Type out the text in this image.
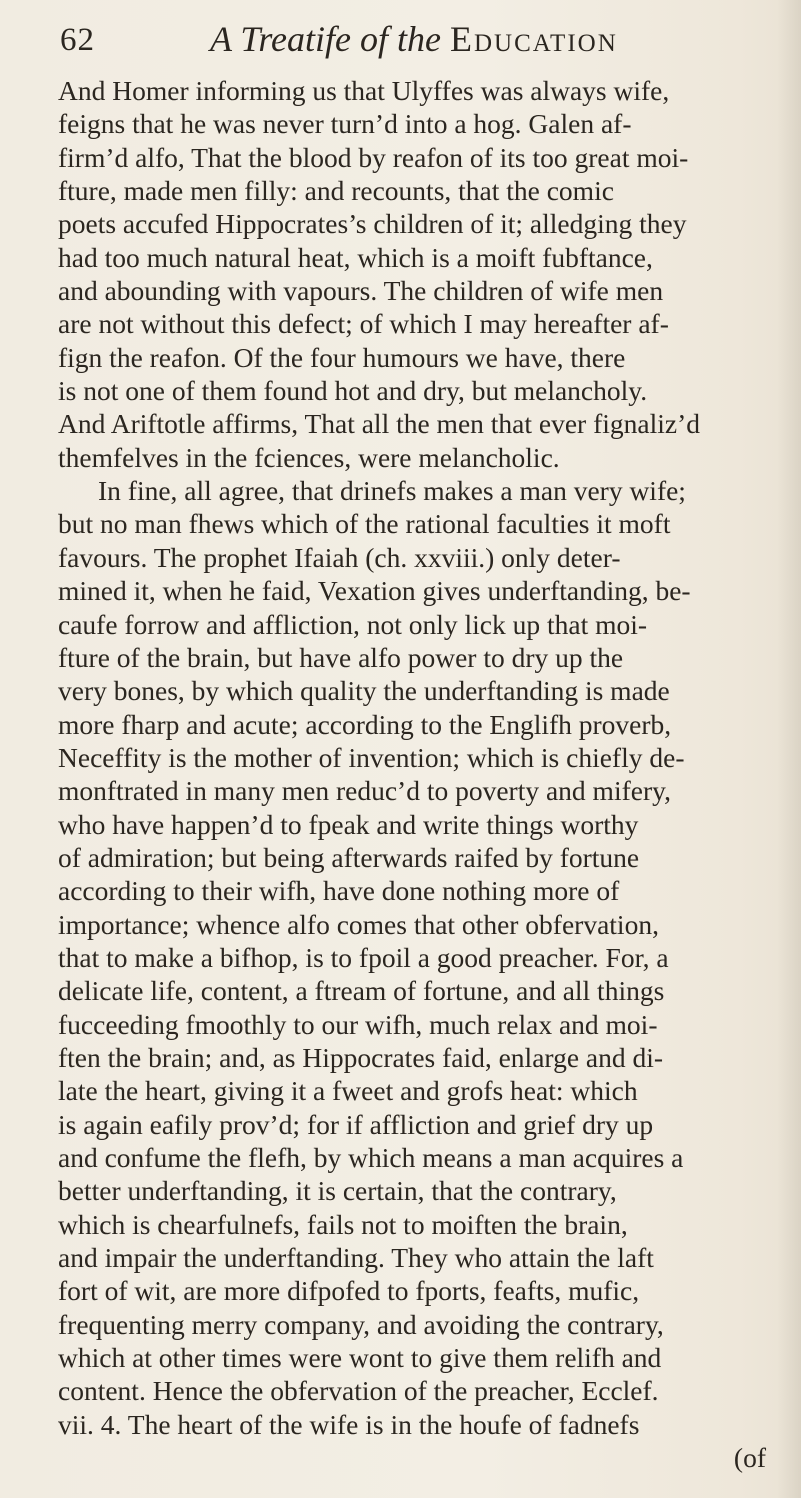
62	A Treatife of the Education
And Homer informing us that Ulyffes was always wife,
feigns that he was never turn’d into a hog. Galen af-
firm’d alfo, That the blood by reafon of its too great moi-
fture, made men filly: and recounts, that the comic
poets accufed Hippocrates’s children of it; alledging they
had too much natural heat, which is a moift fubftance,
and abounding with vapours. The children of wife men
are not without this defect; of which I may hereafter af-
fign the reafon. Of the four humours we have, there
is not one of them found hot and dry, but melancholy.
And Ariftotle affirms, That all the men that ever fignaliz’d
themfelves in the fciences, were melancholic.
In fine, all agree, that drinefs makes a man very wife;
but no man fhews which of the rational faculties it moft
favours. The prophet Ifaiah (ch. xxviii.) only deter-
mined it, when he faid, Vexation gives underftanding, be-
caufe forrow and affliction, not only lick up that moi-
fture of the brain, but have alfo power to dry up the
very bones, by which quality the underftanding is made
more fharp and acute; according to the Englifh proverb,
Neceffity is the mother of invention; which is chiefly de-
monftrated in many men reduc’d to poverty and mifery,
who have happen’d to fpeak and write things worthy
of admiration; but being afterwards raifed by fortune
according to their wifh, have done nothing more of
importance; whence alfo comes that other obfervation,
that to make a bifhop, is to fpoil a good preacher. For, a
delicate life, content, a ftream of fortune, and all things
fucceeding fmoothly to our wifh, much relax and moi-
ften the brain; and, as Hippocrates faid, enlarge and di-
late the heart, giving it a fweet and grofs heat: which
is again eafily prov’d; for if affliction and grief dry up
and confume the flefh, by which means a man acquires a
better underftanding, it is certain, that the contrary,
which is chearfulnefs, fails not to moiften the brain,
and impair the underftanding. They who attain the laft
fort of wit, are more difpofed to fports, feafts, mufic,
frequenting merry company, and avoiding the contrary,
which at other times were wont to give them relifh and
content. Hence the obfervation of the preacher, Ecclef.
vii. 4. The heart of the wife is in the houfe of fadnefs
(of
